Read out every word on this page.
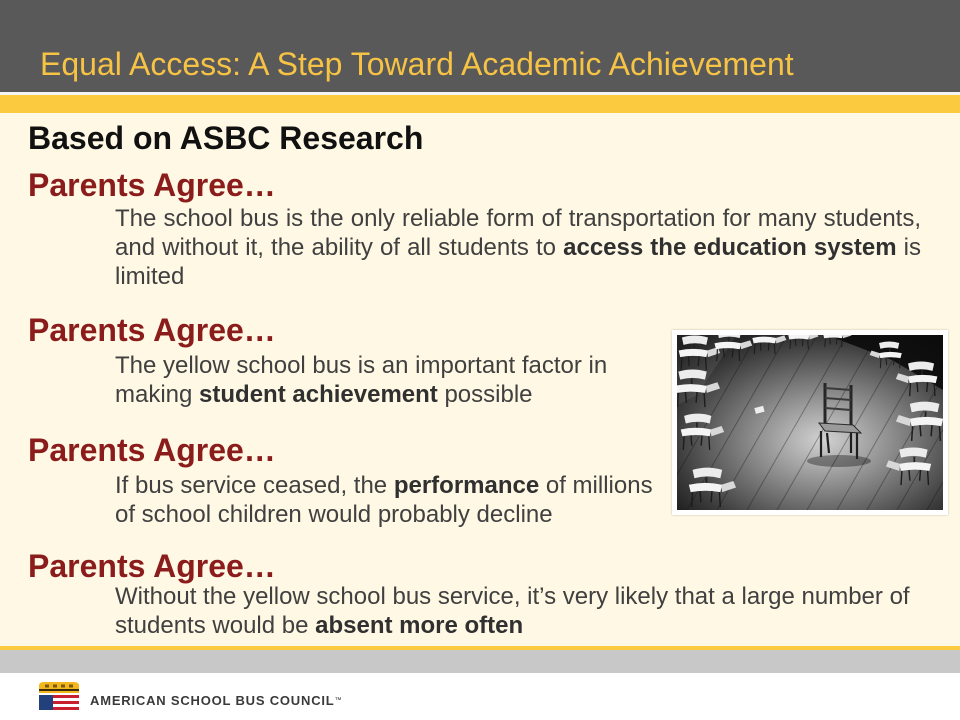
Equal Access: A Step Toward Academic Achievement
Based on ASBC Research
Parents Agree…
The school bus is the only reliable form of transportation for many students, and without it, the ability of all students to access the education system is limited
Parents Agree…
The yellow school bus is an important factor in making student achievement possible
Parents Agree…
If bus service ceased, the performance of millions of school children would probably decline
Parents Agree…
Without the yellow school bus service, it’s very likely that a large number of students would be absent more often
AMERICAN SCHOOL BUS COUNCIL™
